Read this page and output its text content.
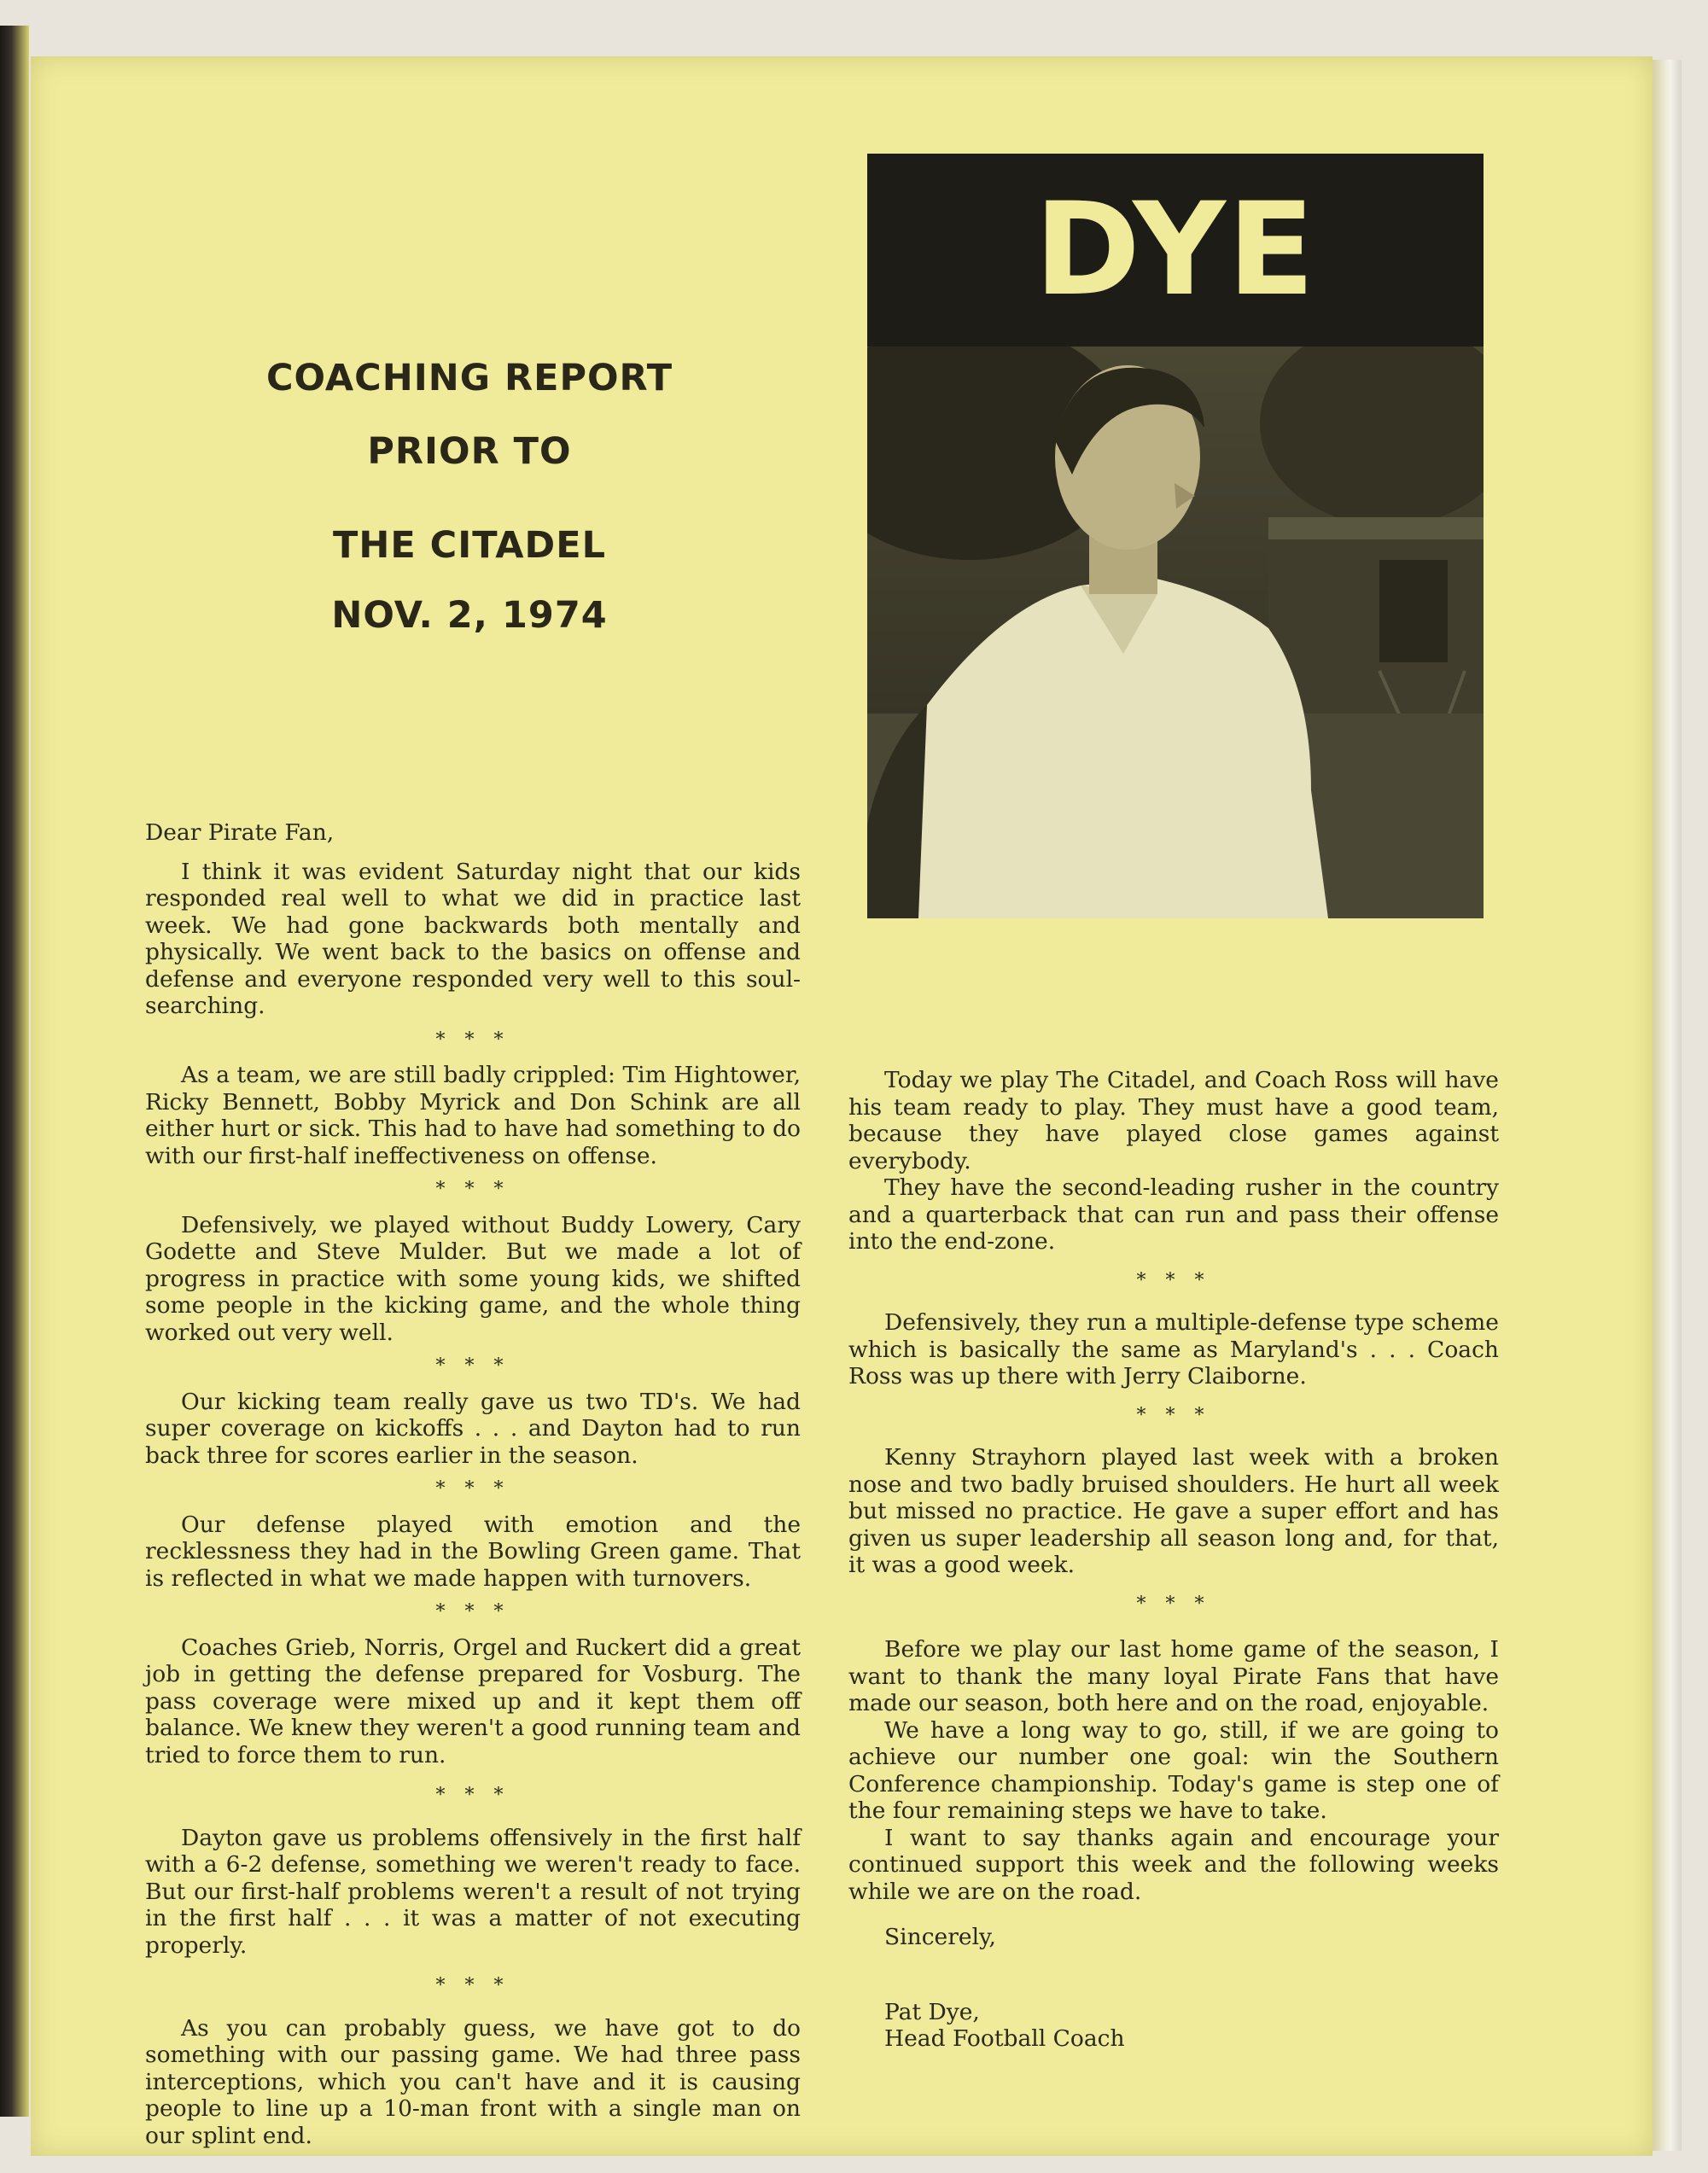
COACHING REPORT
PRIOR TO
THE CITADEL
NOV. 2, 1974
DYE

Dear Pirate Fan,

I think it was evident Saturday night that our kids responded real well to what we did in practice last week. We had gone backwards both mentally and physically. We went back to the basics on offense and defense and everyone responded very well to this soul-searching.

* * *

As a team, we are still badly crippled: Tim Hightower, Ricky Bennett, Bobby Myrick and Don Schink are all either hurt or sick. This had to have had something to do with our first-half ineffectiveness on offense.

* * *

Defensively, we played without Buddy Lowery, Cary Godette and Steve Mulder. But we made a lot of progress in practice with some young kids, we shifted some people in the kicking game, and the whole thing worked out very well.

* * *

Our kicking team really gave us two TD's. We had super coverage on kickoffs . . . and Dayton had to run back three for scores earlier in the season.

* * *

Our defense played with emotion and the recklessness they had in the Bowling Green game. That is reflected in what we made happen with turnovers.

* * *

Coaches Grieb, Norris, Orgel and Ruckert did a great job in getting the defense prepared for Vosburg. The pass coverage were mixed up and it kept them off balance. We knew they weren't a good running team and tried to force them to run.

* * *

Dayton gave us problems offensively in the first half with a 6-2 defense, something we weren't ready to face. But our first-half problems weren't a result of not trying in the first half . . . it was a matter of not executing properly.

* * *

As you can probably guess, we have got to do something with our passing game. We had three pass interceptions, which you can't have and it is causing people to line up a 10-man front with a single man on our splint end.

Today we play The Citadel, and Coach Ross will have his team ready to play. They must have a good team, because they have played close games against everybody.

They have the second-leading rusher in the country and a quarterback that can run and pass their offense into the end-zone.

* * *

Defensively, they run a multiple-defense type scheme which is basically the same as Maryland's . . . Coach Ross was up there with Jerry Claiborne.

* * *

Kenny Strayhorn played last week with a broken nose and two badly bruised shoulders. He hurt all week but missed no practice. He gave a super effort and has given us super leadership all season long and, for that, it was a good week.

* * *

Before we play our last home game of the season, I want to thank the many loyal Pirate Fans that have made our season, both here and on the road, enjoyable.

We have a long way to go, still, if we are going to achieve our number one goal: win the Southern Conference championship. Today's game is step one of the four remaining steps we have to take.

I want to say thanks again and encourage your continued support this week and the following weeks while we are on the road.

Sincerely,

Pat Dye,

Head Football Coach
